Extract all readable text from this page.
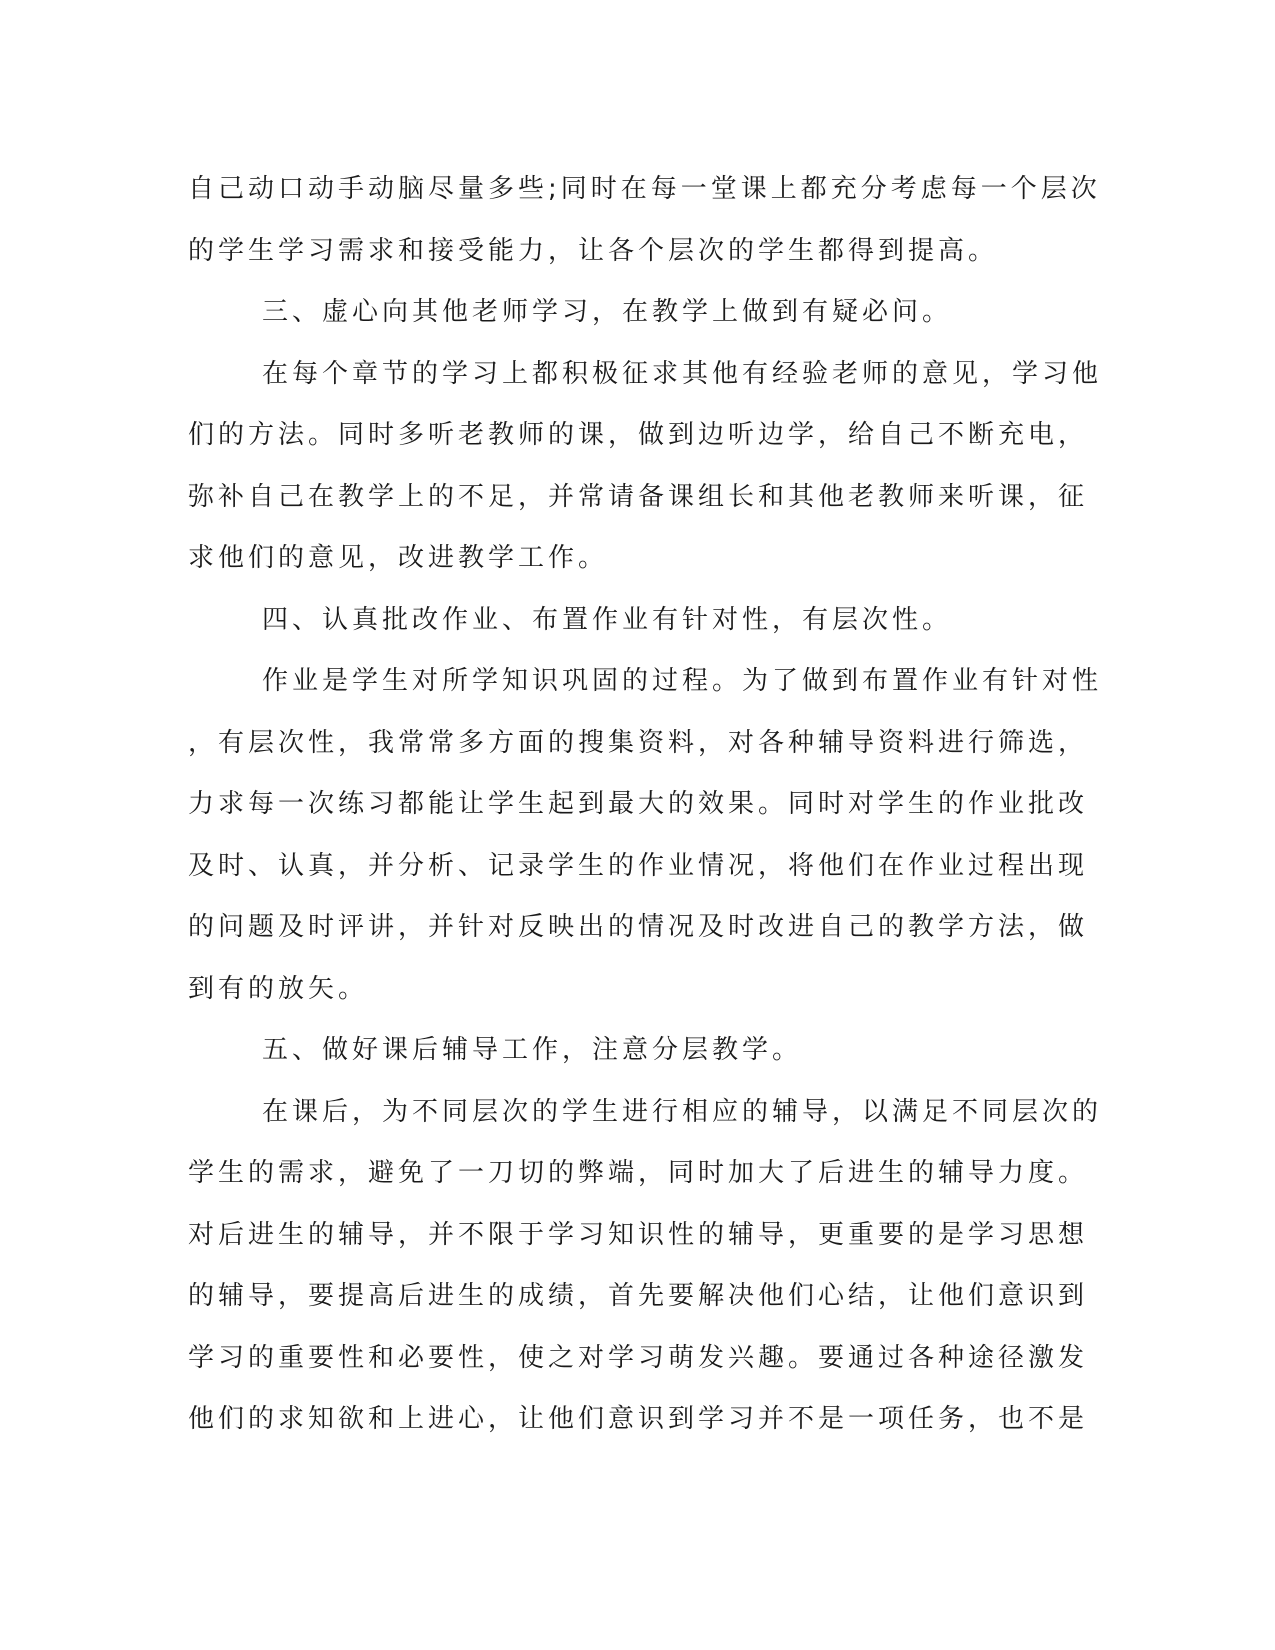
自己动口动手动脑尽量多些;同时在每一堂课上都充分考虑每一个层次
的学生学习需求和接受能力，让各个层次的学生都得到提高。
三、虚心向其他老师学习，在教学上做到有疑必问。
在每个章节的学习上都积极征求其他有经验老师的意见，学习他
们的方法。同时多听老教师的课，做到边听边学，给自己不断充电，
弥补自己在教学上的不足，并常请备课组长和其他老教师来听课，征
求他们的意见，改进教学工作。
四、认真批改作业、布置作业有针对性，有层次性。
作业是学生对所学知识巩固的过程。为了做到布置作业有针对性
，有层次性，我常常多方面的搜集资料，对各种辅导资料进行筛选，
力求每一次练习都能让学生起到最大的效果。同时对学生的作业批改
及时、认真，并分析、记录学生的作业情况，将他们在作业过程出现
的问题及时评讲，并针对反映出的情况及时改进自己的教学方法，做
到有的放矢。
五、做好课后辅导工作，注意分层教学。
在课后，为不同层次的学生进行相应的辅导，以满足不同层次的
学生的需求，避免了一刀切的弊端，同时加大了后进生的辅导力度。
对后进生的辅导，并不限于学习知识性的辅导，更重要的是学习思想
的辅导，要提高后进生的成绩，首先要解决他们心结，让他们意识到
学习的重要性和必要性，使之对学习萌发兴趣。要通过各种途径激发
他们的求知欲和上进心，让他们意识到学习并不是一项任务，也不是
